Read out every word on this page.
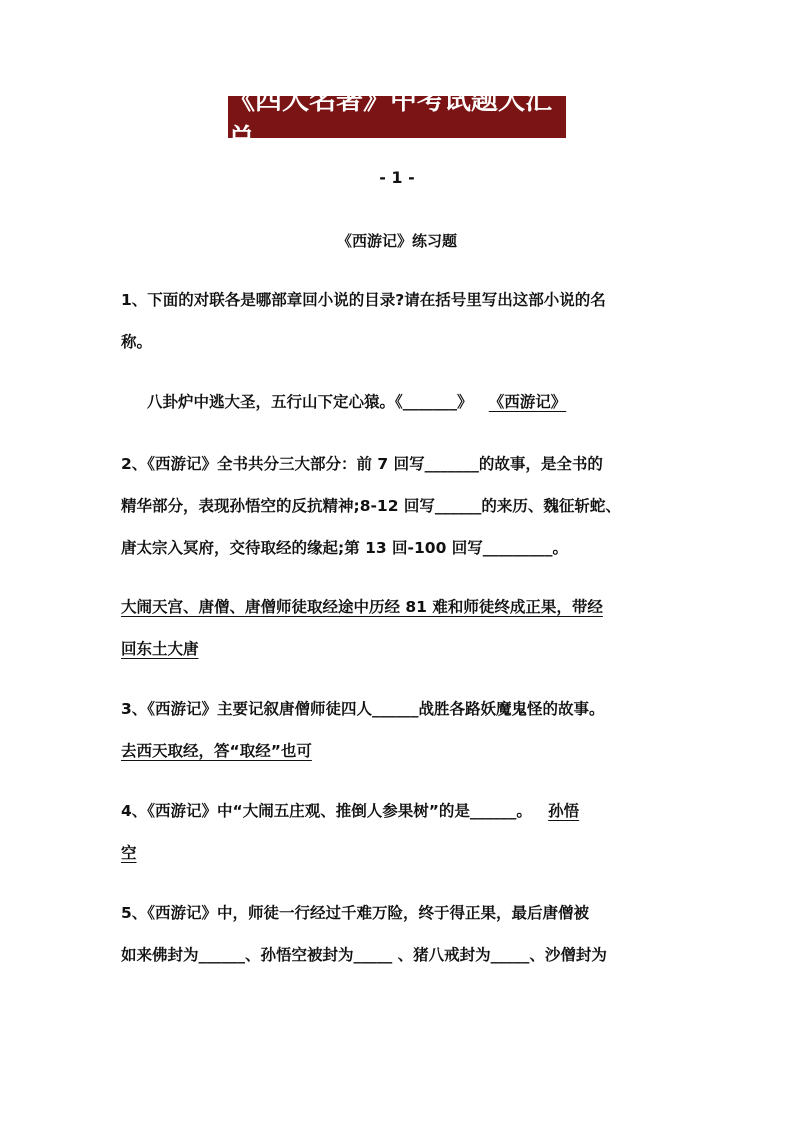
《四大名著》中考试题大汇总
- 1 -
《西游记》练习题
1、下面的对联各是哪部章回小说的目录?请在括号里写出这部小说的名
称。
八卦炉中逃大圣，五行山下定心猿。《_______》 《西游记》
2、《西游记》全书共分三大部分：前 7 回写_______的故事，是全书的
精华部分，表现孙悟空的反抗精神;8-12 回写______的来历、魏征斩蛇、
唐太宗入冥府，交待取经的缘起;第 13 回-100 回写_________。
大闹天宫、唐僧、唐僧师徒取经途中历经 81 难和师徒终成正果，带经
回东土大唐
3、《西游记》主要记叙唐僧师徒四人______战胜各路妖魔鬼怪的故事。
去西天取经，答“取经”也可
4、《西游记》中“大闹五庄观、推倒人参果树”的是______。 孙悟
空
5、《西游记》中，师徒一行经过千难万险，终于得正果，最后唐僧被
如来佛封为______、孙悟空被封为_____ 、猪八戒封为_____、沙僧封为
